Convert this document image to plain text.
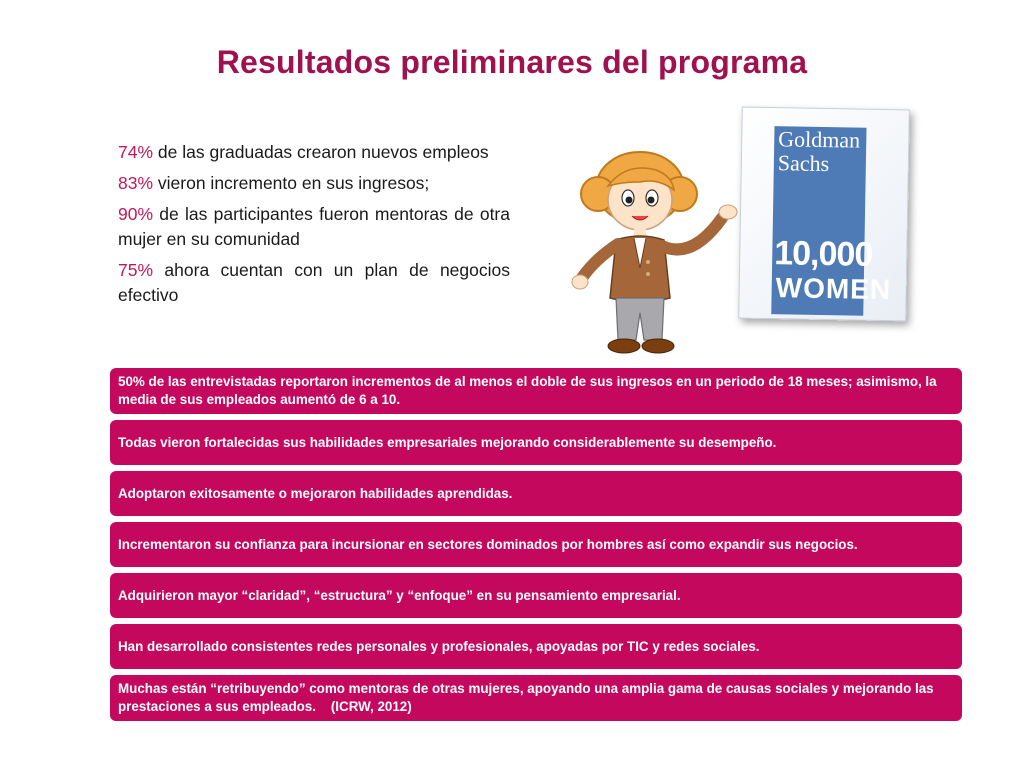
Resultados preliminares del programa

74% de las graduadas crearon nuevos empleos

83% vieron incremento en sus ingresos;

90% de las participantes fueron mentoras de otra mujer en su comunidad

75% ahora cuentan con un plan de negocios efectivo

Goldman
Sachs
10,000
WOMEN
50% de las entrevistadas reportaron incrementos de al menos el doble de sus ingresos en un periodo de 18 meses; asimismo, la media de sus empleados aumentó de 6 a 10.
Todas vieron fortalecidas sus habilidades empresariales mejorando considerablemente su desempeño.
Adoptaron exitosamente o mejoraron habilidades aprendidas.
Incrementaron su confianza para incursionar en sectores dominados por hombres así como expandir sus negocios.
Adquirieron mayor “claridad”, “estructura” y “enfoque” en su pensamiento empresarial.
Han desarrollado consistentes redes personales y profesionales, apoyadas por TIC y redes sociales.
Muchas están “retribuyendo” como mentoras de otras mujeres, apoyando una amplia gama de causas sociales y mejorando las prestaciones a sus empleados.    (ICRW, 2012)
